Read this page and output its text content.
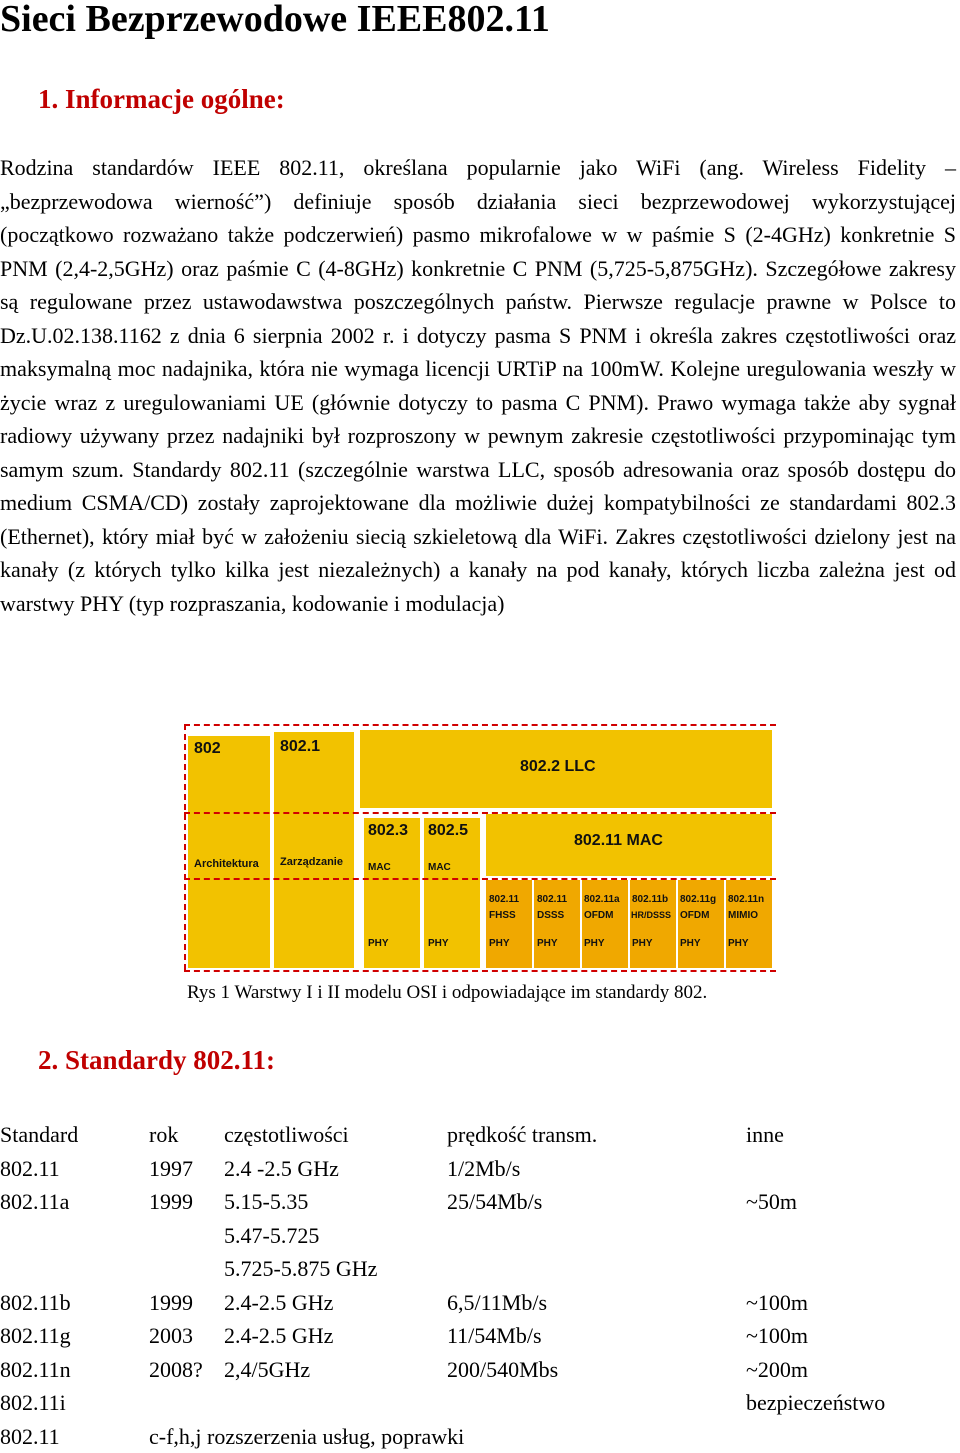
Sieci Bezprzewodowe IEEE802.11
1. Informacje ogólne:
Rodzina standardów IEEE 802.11, określana popularnie jako WiFi (ang. Wireless Fidelity – „bezprzewodowa wierność”) definiuje sposób działania sieci bezprzewodowej wykorzystującej (początkowo rozważano także podczerwień) pasmo mikrofalowe w w paśmie S (2-4GHz) konkretnie S PNM (2,4-2,5GHz) oraz paśmie C (4-8GHz) konkretnie C PNM (5,725-5,875GHz). Szczegółowe zakresy są regulowane przez ustawodawstwa poszczególnych państw. Pierwsze regulacje prawne w Polsce to Dz.U.02.138.1162 z dnia 6 sierpnia 2002 r. i dotyczy pasma S PNM i określa zakres częstotliwości oraz maksymalną moc nadajnika, która nie wymaga licencji URTiP na 100mW. Kolejne uregulowania weszły w życie wraz z uregulowaniami UE (głównie dotyczy to pasma C PNM). Prawo wymaga także aby sygnał radiowy używany przez nadajniki był rozproszony w pewnym zakresie częstotliwości przypominając tym samym szum. Standardy 802.11 (szczególnie warstwa LLC, sposób adresowania oraz sposób dostępu do medium CSMA/CD) zostały zaprojektowane dla możliwie dużej kompatybilności ze standardami 802.3 (Ethernet), który miał być w założeniu siecią szkieletową dla WiFi. Zakres częstotliwości dzielony jest na kanały (z których tylko kilka jest niezależnych) a kanały na pod kanały, których liczba zależna jest od warstwy PHY (typ rozpraszania, kodowanie i modulacja)
802
Architektura
802.1
Zarządzanie
802.2 LLC
802.3
MAC
PHY
802.5
MAC
PHY
802.11 MAC
802.11
FHSS
PHY
802.11
DSSS
PHY
802.11a
OFDM
PHY
802.11b
HR/DSSS
PHY
802.11g
OFDM
PHY
802.11n
MIMIO
PHY
Rys 1 Warstwy I i II modelu OSI i odpowiadające im standardy 802.
2. Standardy 802.11:
Standard	rok	częstotliwości	prędkość transm.	inne
802.11	1997	2.4 -2.5 GHz	1/2Mb/s	
802.11a	1999	5.15-5.35	25/54Mb/s	~50m
		5.47-5.725		
		5.725-5.875 GHz		
802.11b	1999	2.4-2.5 GHz	6,5/11Mb/s	~100m
802.11g	2003	2.4-2.5 GHz	11/54Mb/s	~100m
802.11n	2008?	2,4/5GHz	200/540Mbs	~200m
802.11i				bezpieczeństwo
802.11	c-f,h,j rozszerzenia usług, poprawki			
